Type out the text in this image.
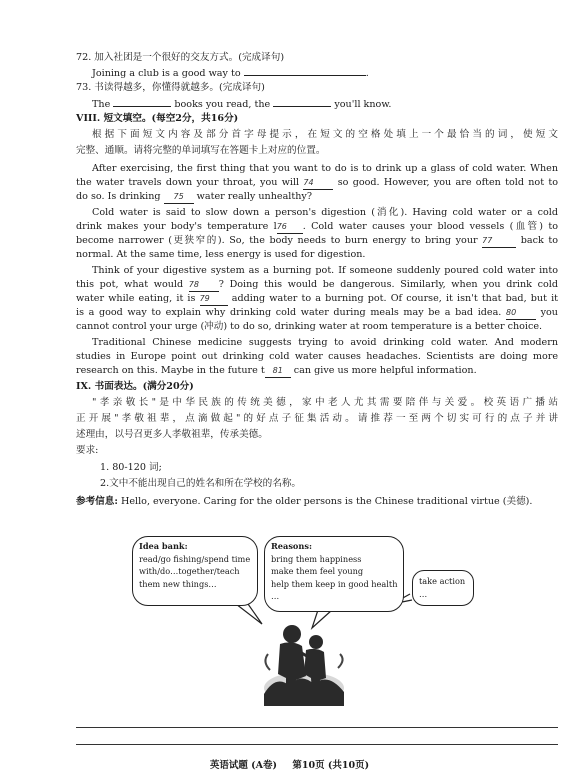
72. 加入社团是一个很好的交友方式。(完成译句)
Joining a club is a good way to	.
73. 书读得越多，你懂得就越多。(完成译句)
The	books you read, the	you'll know.
VIII. 短文填空。(每空2分，共16分)
根据下面短文内容及部分首字母提示，在短文的空格处填上一个最恰当的词，使短文
完整、通顺。请将完整的单词填写在答题卡上对应的位置。
After exercising, the first thing that you want to do is to drink up a glass of cold water. When
the water travels down your throat, you will 74	so good. However, you are often told not to
do so. Is drinking 75 water really unhealthy?
Cold water is said to slow down a person's digestion (消化). Having cold water or a cold
drink makes your body's temperature l76 . Cold water causes your blood vessels (血管) to
become narrower (更狭窄的). So, the body needs to burn energy to bring your 77	back to
normal. At the same time, less energy is used for digestion.
Think of your digestive system as a burning pot. If someone suddenly poured cold water into
this pot, what would 78 ? Doing this would be dangerous. Similarly, when you drink cold
water while eating, it is 79 adding water to a burning pot. Of course, it isn't that bad, but it
is a good way to explain why drinking cold water during meals may be a bad idea. 80	you
cannot control your urge (冲动) to do so, drinking water at room temperature is a better choice.
Traditional Chinese medicine suggests trying to avoid drinking cold water. And modern
studies in Europe point out drinking cold water causes headaches. Scientists are doing more
research on this. Maybe in the future t 81 can give us more helpful information.
IX. 书面表达。(满分20分)
"孝亲敬长"是中华民族的传统美德，家中老人尤其需要陪伴与关爱。校英语广播站
正开展"孝敬祖辈，点滴做起"的好点子征集活动。请推荐一至两个切实可行的点子并讲
述理由，以号召更多人孝敬祖辈，传承美德。
要求:
1. 80-120 词;
2.文中不能出现自己的姓名和所在学校的名称。
参考信息: Hello, everyone. Caring for the older persons is the Chinese traditional virtue (美德).
Idea bank:
read/go fishing/spend time
with/do…together/teach
them new things…
Reasons:
bring them happiness
make them feel young
help them keep in good health
…
take action
…
英语试题 (A卷) 第10页 (共10页)
